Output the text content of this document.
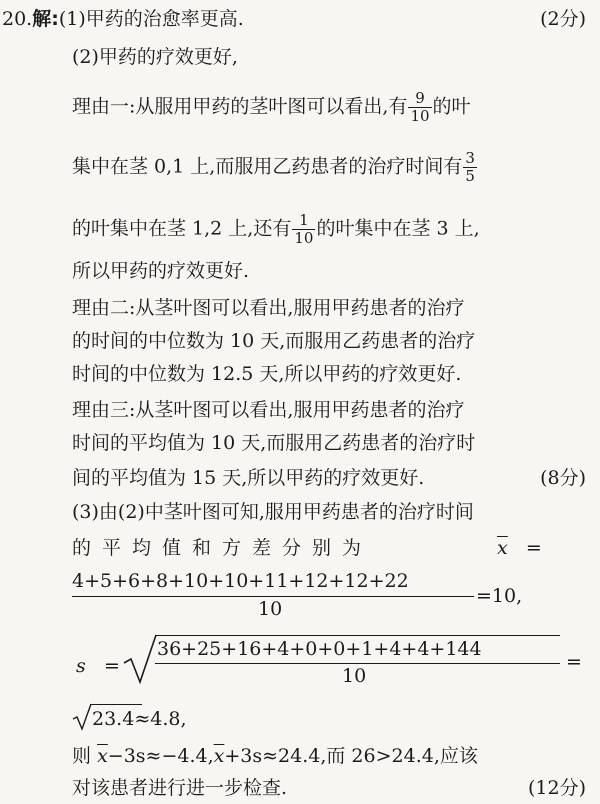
20.解:(1)甲药的治愈率更高.	(2分)
(2)甲药的疗效更好,
理由一:从服用甲药的茎叶图可以看出,有 $\frac{9}{10}$ 的叶
集中在茎 0,1 上,而服用乙药患者的治疗时间有 $\frac{3}{5}$
的叶集中在茎 1,2 上,还有 $\frac{1}{10}$ 的叶集中在茎 3 上,
所以甲药的疗效更好.
理由二:从茎叶图可以看出,服用甲药患者的治疗
的时间的中位数为 10 天,而服用乙药患者的治疗
时间的中位数为 12.5 天,所以甲药的疗效更好.
理由三:从茎叶图可以看出,服用甲药患者的治疗
时间的平均值为 10 天,而服用乙药患者的治疗时
间的平均值为 15 天,所以甲药的疗效更好.	(8分)
(3)由(2)中茎叶图可知,服用甲药患者的治疗时间
的平均值和方差分别为	$\overline{x}$ =
4+5+6+8+10+10+11+12+12+22
10
=10,
s =
36+25+16+4+0+0+1+4+4+144
10
=
23.4≈4.8,
则 $\overline{x}-3s\approx-4.4,\overline{x}+3s\approx 24.4$,而 26>24.4,应该
对该患者进行进一步检查.	(12分)
